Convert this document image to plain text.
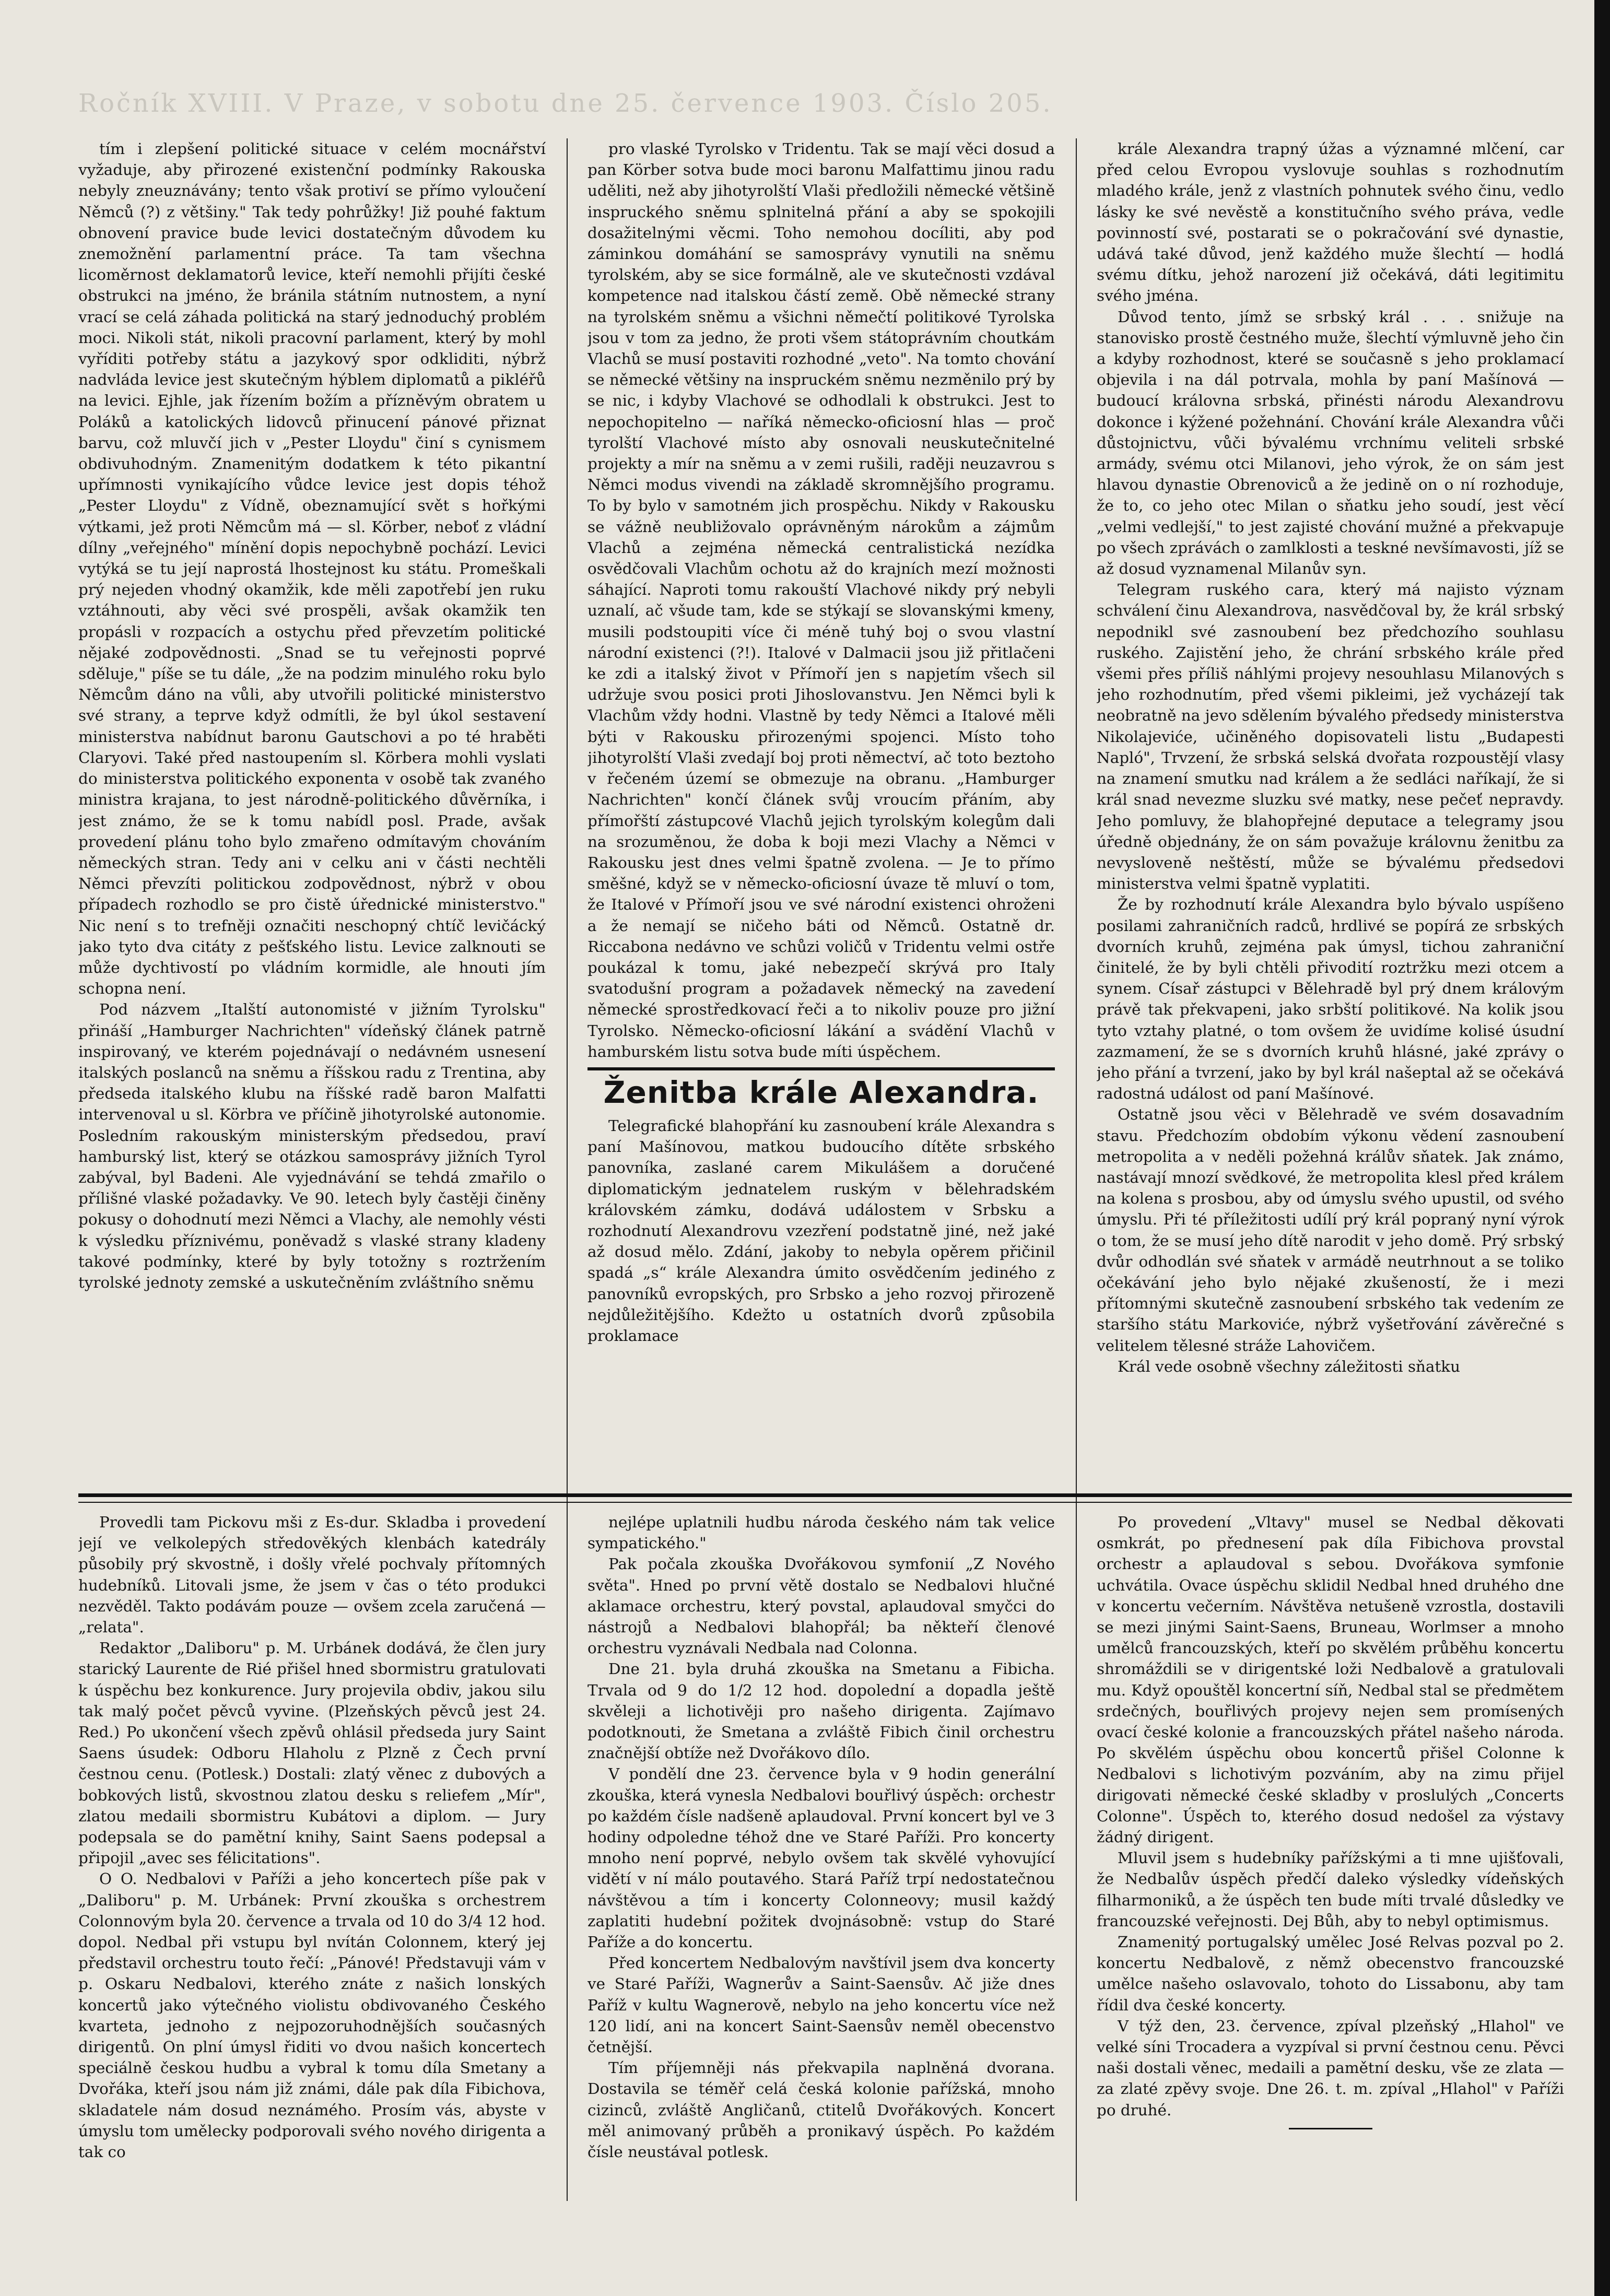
Ročník XVIII. V Praze, v sobotu dne 25. července 1903. Číslo 205.

tím i zlepšení politické situace v celém mocnářství vyžaduje, aby přirozené existenční podmínky Rakouska nebyly zneuznávány; tento však protiví se přímo vyloučení Němců (?) z většiny." Tak tedy pohrůžky! Již pouhé faktum obnovení pravice bude levici dostatečným důvodem ku znemožnění parlamentní práce. Ta tam všechna licoměrnost deklamatorů levice, kteří nemohli přijíti české obstrukci na jméno, že bránila státním nutnostem, a nyní vrací se celá záhada politická na starý jednoduchý problém moci. Nikoli stát, nikoli pracovní parlament, který by mohl vyříditi potřeby státu a jazykový spor odkliditi, nýbrž nadvláda levice jest skutečným hýblem diplomatů a pikléřů na levici. Ejhle, jak řízením božím a přízněvým obratem u Poláků a katolických lidovců přinucení pánové přiznat barvu, což mluvčí jich v „Pester Lloydu" činí s cynismem obdivuhodným. Znamenitým dodatkem k této pikantní upřímnosti vynikajícího vůdce levice jest dopis téhož „Pester Lloydu" z Vídně, obeznamující svět s hořkými výtkami, jež proti Němcům má — sl. Körber, neboť z vládní dílny „veřejného" mínění dopis nepochybně pochází. Levici vytýká se tu její naprostá lhostejnost ku státu. Promeškali prý nejeden vhodný okamžik, kde měli zapotřebí jen ruku vztáhnouti, aby věci své prospěli, avšak okamžik ten propásli v rozpacích a ostychu před převzetím politické nějaké zodpovědnosti. „Snad se tu veřejnosti poprvé sděluje," píše se tu dále, „že na podzim minulého roku bylo Němcům dáno na vůli, aby utvořili politické ministerstvo své strany, a teprve když odmítli, že byl úkol sestavení ministerstva nabídnut baronu Gautschovi a po té hraběti Claryovi. Také před nastoupením sl. Körbera mohli vyslati do ministerstva politického exponenta v osobě tak zvaného ministra krajana, to jest národně-politického důvěrníka, i jest známo, že se k tomu nabídl posl. Prade, avšak provedení plánu toho bylo zmařeno odmítavým chováním německých stran. Tedy ani v celku ani v části nechtěli Němci převzíti politickou zodpovědnost, nýbrž v obou případech rozhodlo se pro čistě úřednické ministerstvo." Nic není s to trefněji označiti neschopný chtíč levičácký jako tyto dva citáty z pešťského listu. Levice zalknouti se může dychtivostí po vládním kormidle, ale hnouti jím schopna není.

Pod názvem „Italští autonomisté v jižním Tyrolsku" přináší „Hamburger Nachrichten" vídeňský článek patrně inspirovaný, ve kterém pojednávají o nedávném usnesení italských poslanců na sněmu a říšskou radu z Trentina, aby předseda italského klubu na říšské radě baron Malfatti intervenoval u sl. Körbra ve příčině jihotyrolské autonomie. Posledním rakouským ministerským předsedou, praví hamburský list, který se otázkou samosprávy jižních Tyrol zabýval, byl Badeni. Ale vyjednávání se tehdá zmařilo o přílišné vlaské požadavky. Ve 90. letech byly častěji činěny pokusy o dohodnutí mezi Němci a Vlachy, ale nemohly vésti k výsledku příznivému, poněvadž s vlaské strany kladeny takové podmínky, které by byly totožny s roztržením tyrolské jednoty zemské a uskutečněním zvláštního sněmu

pro vlaské Tyrolsko v Tridentu. Tak se mají věci dosud a pan Körber sotva bude moci baronu Malfattimu jinou radu uděliti, než aby jihotyrolští Vlaši předložili německé většině inspruckého sněmu splnitelná přání a aby se spokojili dosažitelnými věcmi. Toho nemohou docíliti, aby pod záminkou domáhání se samosprávy vynutili na sněmu tyrolském, aby se sice formálně, ale ve skutečnosti vzdával kompetence nad italskou částí země. Obě německé strany na tyrolském sněmu a všichni němečtí politikové Tyrolska jsou v tom za jedno, že proti všem státoprávním choutkám Vlachů se musí postaviti rozhodné „veto". Na tomto chování se německé většiny na inspruckém sněmu nezměnilo prý by se nic, i kdyby Vlachové se odhodlali k obstrukci. Jest to nepochopitelno — naříká německo-oficiosní hlas — proč tyrolští Vlachové místo aby osnovali neuskutečnitelné projekty a mír na sněmu a v zemi rušili, raději neuzavrou s Němci modus vivendi na základě skromnějšího programu. To by bylo v samotném jich prospěchu. Nikdy v Rakousku se vážně neubližovalo oprávněným nárokům a zájmům Vlachů a zejména německá centralistická nezídka osvědčovali Vlachům ochotu až do krajních mezí možnosti sáhající. Naproti tomu rakouští Vlachové nikdy prý nebyli uznalí, ač všude tam, kde se stýkají se slovanskými kmeny, musili podstoupiti více či méně tuhý boj o svou vlastní národní existenci (?!). Italové v Dalmacii jsou již přitlačeni ke zdi a italský život v Přímoří jen s napjetím všech sil udržuje svou posici proti Jihoslovanstvu. Jen Němci byli k Vlachům vždy hodni. Vlastně by tedy Němci a Italové měli býti v Rakousku přirozenými spojenci. Místo toho jihotyrolští Vlaši zvedají boj proti němectví, ač toto beztoho v řečeném území se obmezuje na obranu. „Hamburger Nachrichten" končí článek svůj vroucím přáním, aby přímořští zástupcové Vlachů jejich tyrolským kolegům dali na srozuměnou, že doba k boji mezi Vlachy a Němci v Rakousku jest dnes velmi špatně zvolena. — Je to přímo směšné, když se v německo-oficiosní úvaze tě mluví o tom, že Italové v Přímoří jsou ve své národní existenci ohroženi a že nemají se ničeho báti od Němců. Ostatně dr. Riccabona nedávno ve schůzi voličů v Tridentu velmi ostře poukázal k tomu, jaké nebezpečí skrývá pro Italy svatodušní program a požadavek německý na zavedení německé sprostředkovací řeči a to nikoliv pouze pro jižní Tyrolsko. Německo-oficiosní lákání a svádění Vlachů v hamburském listu sotva bude míti úspěchem.

Ženitba krále Alexandra.

Telegrafické blahopřání ku zasnoubení krále Alexandra s paní Mašínovou, matkou budoucího dítěte srbského panovníka, zaslané carem Mikulášem a doručené diplomatickým jednatelem ruským v bělehradském královském zámku, dodává událostem v Srbsku a rozhodnutí Alexandrovu vzezření podstatně jiné, než jaké až dosud mělo. Zdání, jakoby to nebyla opěrem přičinil spadá „s“ krále Alexandra úmito osvědčením jediného z panovníků evropských, pro Srbsko a jeho rozvoj přirozeně nejdůležitějšího. Kdežto u ostatních dvorů způsobila proklamace

krále Alexandra trapný úžas a významné mlčení, car před celou Evropou vyslovuje souhlas s rozhodnutím mladého krále, jenž z vlastních pohnutek svého činu, vedlo lásky ke své nevěstě a konstitučního svého práva, vedle povinností své, postarati se o pokračování své dynastie, udává také důvod, jenž každého muže šlechtí — hodlá svému dítku, jehož narození již očekává, dáti legitimitu svého jména.

Důvod tento, jímž se srbský král . . . snižuje na stanovisko prostě čestného muže, šlechtí výmluvně jeho čin a kdyby rozhodnost, které se současně s jeho proklamací objevila i na dál potrvala, mohla by paní Mašínová — budoucí královna srbská, přinésti národu Alexandrovu dokonce i kýžené požehnání. Chování krále Alexandra vůči důstojnictvu, vůči bývalému vrchnímu veliteli srbské armády, svému otci Milanovi, jeho výrok, že on sám jest hlavou dynastie Obrenoviců a že jedině on o ní rozhoduje, že to, co jeho otec Milan o sňatku jeho soudí, jest věcí „velmi vedlejší," to jest zajisté chování mužné a překvapuje po všech zprávách o zamlklosti a teskné nevšímavosti, jíž se až dosud vyznamenal Milanův syn.

Telegram ruského cara, který má najisto význam schválení činu Alexandrova, nasvědčoval by, že král srbský nepodnikl své zasnoubení bez předchozího souhlasu ruského. Zajistění jeho, že chrání srbského krále před všemi přes příliš náhlými projevy nesouhlasu Milanových s jeho rozhodnutím, před všemi pikleimi, jež vycházejí tak neobratně na jevo sdělením bývalého předsedy ministerstva Nikolajeviće, učiněného dopisovateli listu „Budapesti Napló", Trvzení, že srbská selská dvořata rozpoustějí vlasy na znamení smutku nad králem a že sedláci naříkají, že si král snad nevezme sluzku své matky, nese pečeť nepravdy. Jeho pomluvy, že blahopřejné deputace a telegramy jsou úředně objednány, že on sám považuje královnu ženitbu za nevysloveně neštěstí, může se bývalému předsedovi ministerstva velmi špatně vyplatiti.

Že by rozhodnutí krále Alexandra bylo bývalo uspíšeno posilami zahraničních radců, hrdlivé se popírá ze srbských dvorních kruhů, zejména pak úmysl, tichou zahraniční činitelé, že by byli chtěli přivodití roztržku mezi otcem a synem. Císař zástupci v Bělehradě byl prý dnem královým právě tak překvapeni, jako srbští politikové. Na kolik jsou tyto vztahy platné, o tom ovšem že uvidíme kolisé úsudní zazmamení, že se s dvorních kruhů hlásné, jaké zprávy o jeho přání a tvrzení, jako by byl král našeptal až se očekává radostná událost od paní Mašínové.

Ostatně jsou věci v Bělehradě ve svém dosavadním stavu. Předchozím obdobím výkonu vědení zasnoubení metropolita a v neděli požehná králův sňatek. Jak známo, nastávají mnozí svědkové, že metropolita klesl před králem na kolena s prosbou, aby od úmyslu svého upustil, od svého úmyslu. Při té příležitosti udílí prý král popraný nyní výrok o tom, že se musí jeho dítě narodit v jeho domě. Prý srbský dvůr odhodlán své sňatek v armádě neutrhnout a se toliko očekávání jeho bylo nějaké zkušeností, že i mezi přítomnými skutečně zasnoubení srbského tak vedením ze staršího státu Markoviće, nýbrž vyšetřování závěrečné s velitelem tělesné stráže Lahovičem.

Král vede osobně všechny záležitosti sňatku

Provedli tam Pickovu mši z Es-dur. Skladba i provedení její ve velkolepých středověkých klenbách katedrály působily prý skvostně, i došly vřelé pochvaly přítomných hudebníků. Litovali jsme, že jsem v čas o této produkci nezvěděl. Takto podávám pouze — ovšem zcela zaručená — „relata".

Redaktor „Daliboru" p. M. Urbánek dodává, že člen jury starický Laurente de Rié přišel hned sbormistru gratulovati k úspěchu bez konkurence. Jury projevila obdiv, jakou silu tak malý počet pěvců vyvine. (Plzeňských pěvců jest 24. Red.) Po ukončení všech zpěvů ohlásil předseda jury Saint Saens úsudek: Odboru Hlaholu z Plzně z Čech první čestnou cenu. (Potlesk.) Dostali: zlatý věnec z dubových a bobkových listů, skvostnou zlatou desku s reliefem „Mír", zlatou medaili sbormistru Kubátovi a diplom. — Jury podepsala se do pamětní knihy, Saint Saens podepsal a připojil „avec ses félicitations".

O O. Nedbalovi v Paříži a jeho koncertech píše pak v „Daliboru" p. M. Urbánek: První zkouška s orchestrem Colonnovým byla 20. července a trvala od 10 do 3/4 12 hod. dopol. Nedbal při vstupu byl nvítán Colonnem, který jej představil orchestru touto řečí: „Pánové! Představuji vám v p. Oskaru Nedbalovi, kterého znáte z našich lonských koncertů jako výtečného violistu obdivovaného Českého kvarteta, jednoho z nejpozoruhodnějších současných dirigentů. On plní úmysl řiditi vo dvou našich koncertech speciálně českou hudbu a vybral k tomu díla Smetany a Dvořáka, kteří jsou nám již známi, dále pak díla Fibichova, skladatele nám dosud neznámého. Prosím vás, abyste v úmyslu tom umělecky podporovali svého nového dirigenta a tak co

nejlépe uplatnili hudbu národa českého nám tak velice sympatického."

Pak počala zkouška Dvořákovou symfonií „Z Nového světa". Hned po první větě dostalo se Nedbalovi hlučné aklamace orchestru, který povstal, aplaudoval smyčci do nástrojů a Nedbalovi blahopřál; ba někteří členové orchestru vyznávali Nedbala nad Colonna.

Dne 21. byla druhá zkouška na Smetanu a Fibicha. Trvala od 9 do 1/2 12 hod. dopolední a dopadla ještě skvěleji a lichotivěji pro našeho dirigenta. Zajímavo podotknouti, že Smetana a zvláště Fibich činil orchestru značnější obtíže než Dvořákovo dílo.

V pondělí dne 23. července byla v 9 hodin generální zkouška, která vynesla Nedbalovi bouřlivý úspěch: orchestr po každém čísle nadšeně aplaudoval. První koncert byl ve 3 hodiny odpoledne téhož dne ve Staré Paříži. Pro koncerty mnoho není poprvé, nebylo ovšem tak skvělé vyhovující vidětí v ní málo poutavého. Stará Paříž trpí nedostatečnou návštěvou a tím i koncerty Colonneovy; musil každý zaplatiti hudební požitek dvojnásobně: vstup do Staré Paříže a do koncertu.

Před koncertem Nedbalovým navštívil jsem dva koncerty ve Staré Paříži, Wagnerův a Saint-Saensův. Ač jiže dnes Paříž v kultu Wagnerově, nebylo na jeho koncertu více než 120 lidí, ani na koncert Saint-Saensův neměl obecenstvo četnější.

Tím příjemněji nás překvapila naplněná dvorana. Dostavila se téměř celá česká kolonie pařížská, mnoho cizinců, zvláště Angličanů, ctitelů Dvořákových. Koncert měl animovaný průběh a pronikavý úspěch. Po každém čísle neustával potlesk.

Po provedení „Vltavy" musel se Nedbal děkovati osmkrát, po přednesení pak díla Fibichova provstal orchestr a aplaudoval s sebou. Dvořákova symfonie uchvátila. Ovace úspěchu sklidil Nedbal hned druhého dne v koncertu večerním. Návštěva netušeně vzrostla, dostavili se mezi jinými Saint-Saens, Bruneau, Worlmser a mnoho umělců francouzských, kteří po skvělém průběhu koncertu shromáždili se v dirigentské loži Nedbalově a gratulovali mu. Když opouštěl koncertní síň, Nedbal stal se předmětem srdečných, bouřlivých projevy nejen sem promísených ovací české kolonie a francouzských přátel našeho národa. Po skvělém úspěchu obou koncertů přišel Colonne k Nedbalovi s lichotivým pozváním, aby na zimu přijel dirigovati německé české skladby v proslulých „Concerts Colonne". Úspěch to, kterého dosud nedošel za výstavy žádný dirigent.

Mluvil jsem s hudebníky pařížskými a ti mne ujišťovali, že Nedbalův úspěch předčí daleko výsledky vídeňských filharmoniků, a že úspěch ten bude míti trvalé důsledky ve francouzské veřejnosti. Dej Bůh, aby to nebyl optimismus.

Znamenitý portugalský umělec José Relvas pozval po 2. koncertu Nedbalově, z němž obecenstvo francouzské umělce našeho oslavovalo, tohoto do Lissabonu, aby tam řídil dva české koncerty.

V týž den, 23. července, zpíval plzeňský „Hlahol" ve velké síni Trocadera a vyzpíval si první čestnou cenu. Pěvci naši dostali věnec, medaili a pamětní desku, vše ze zlata — za zlaté zpěvy svoje. Dne 26. t. m. zpíval „Hlahol" v Paříži po druhé.
